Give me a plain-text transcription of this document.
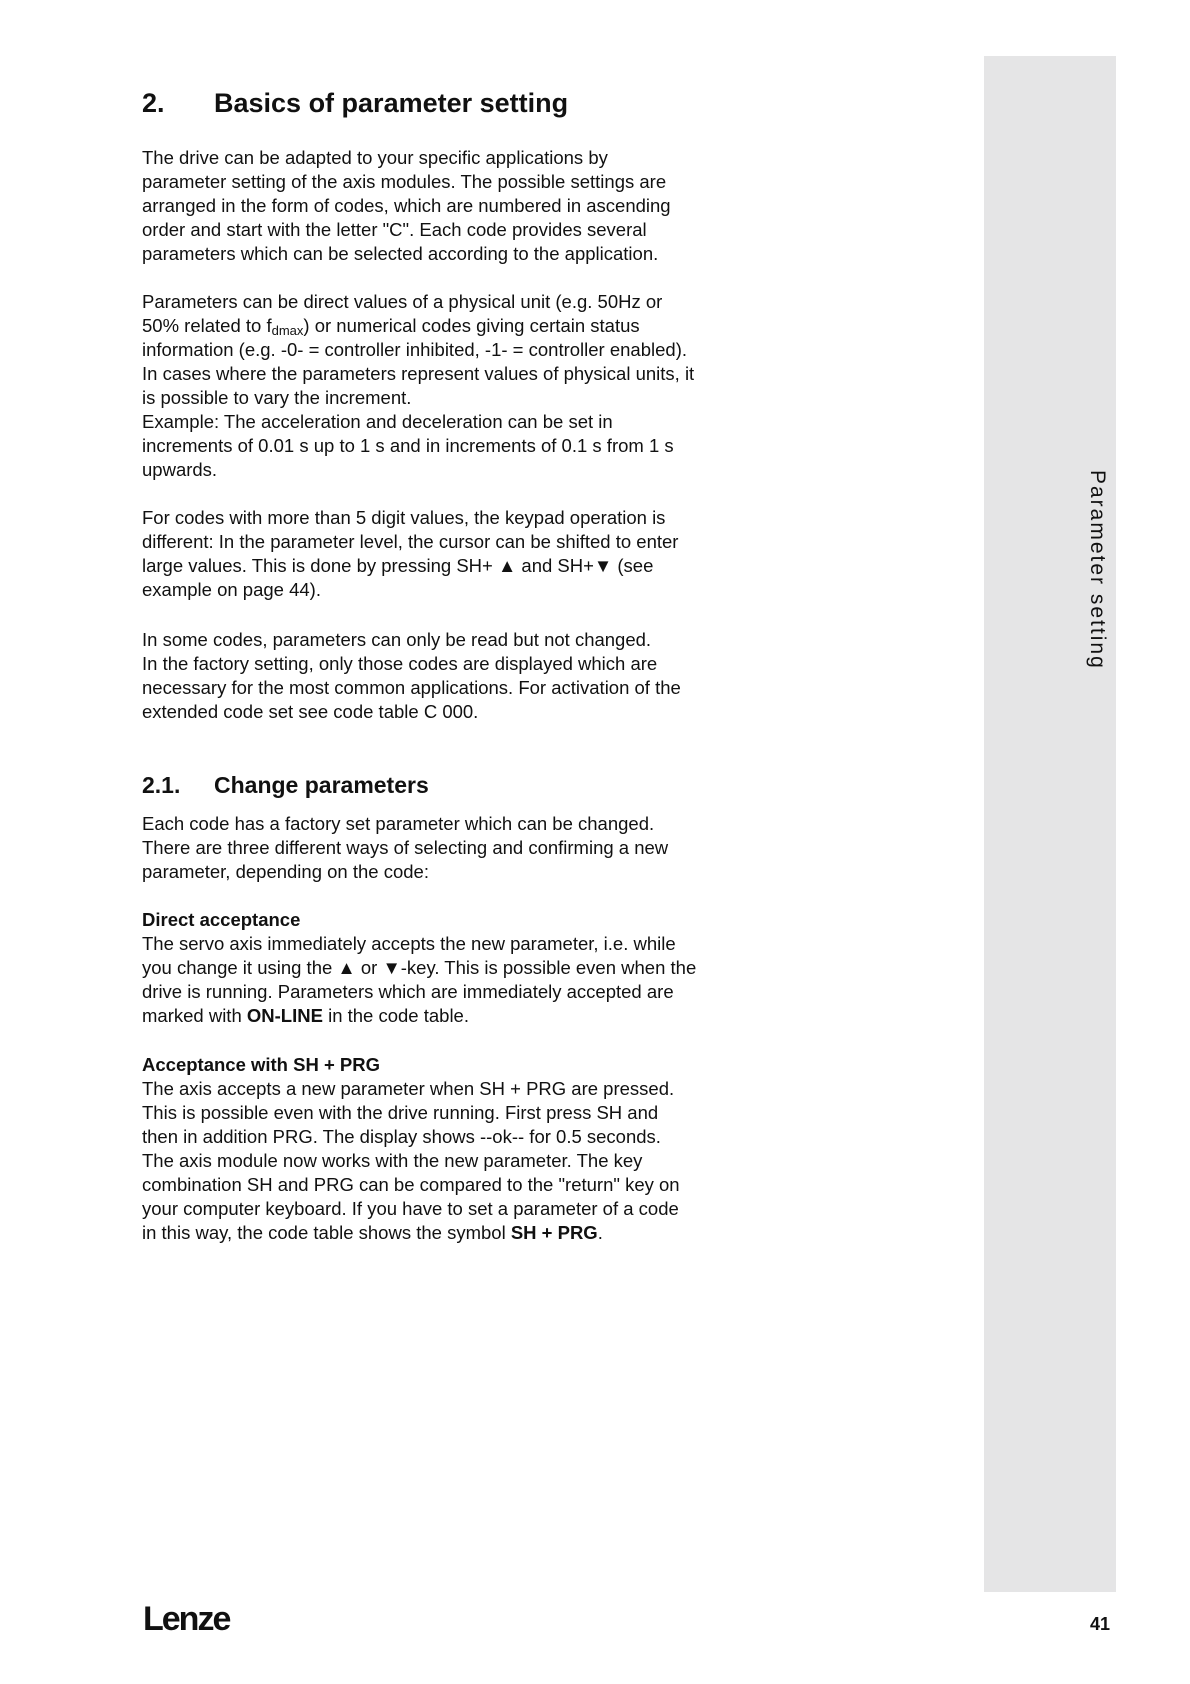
Parameter setting
2. Basics of parameter setting
The drive can be adapted to your specific applications by
parameter setting of the axis modules. The possible settings are
arranged in the form of codes, which are numbered in ascending
order and start with the letter "C". Each code provides several
parameters which can be selected according to the application.
Parameters can be direct values of a physical unit (e.g. 50Hz or
50% related to $f_{dmax}$) or numerical codes giving certain status
information (e.g. -0- = controller inhibited, -1- = controller enabled).
In cases where the parameters represent values of physical units, it
is possible to vary the increment.
Example: The acceleration and deceleration can be set in
increments of 0.01 s up to 1 s and in increments of 0.1 s from 1 s
upwards.
For codes with more than 5 digit values, the keypad operation is
different: In the parameter level, the cursor can be shifted to enter
large values. This is done by pressing SH+ ▲ and SH+▼ (see
example on page 44).
In some codes, parameters can only be read but not changed.
In the factory setting, only those codes are displayed which are
necessary for the most common applications. For activation of the
extended code set see code table C 000.
2.1. Change parameters
Each code has a factory set parameter which can be changed.
There are three different ways of selecting and confirming a new
parameter, depending on the code:
Direct acceptance
The servo axis immediately accepts the new parameter, i.e. while
you change it using the ▲ or ▼-key. This is possible even when the
drive is running. Parameters which are immediately accepted are
marked with ON-LINE in the code table.
Acceptance with SH + PRG
The axis accepts a new parameter when SH + PRG are pressed.
This is possible even with the drive running. First press SH and
then in addition PRG. The display shows --ok-- for 0.5 seconds.
The axis module now works with the new parameter. The key
combination SH and PRG can be compared to the "return" key on
your computer keyboard. If you have to set a parameter of a code
in this way, the code table shows the symbol SH + PRG.
Lenze	41
